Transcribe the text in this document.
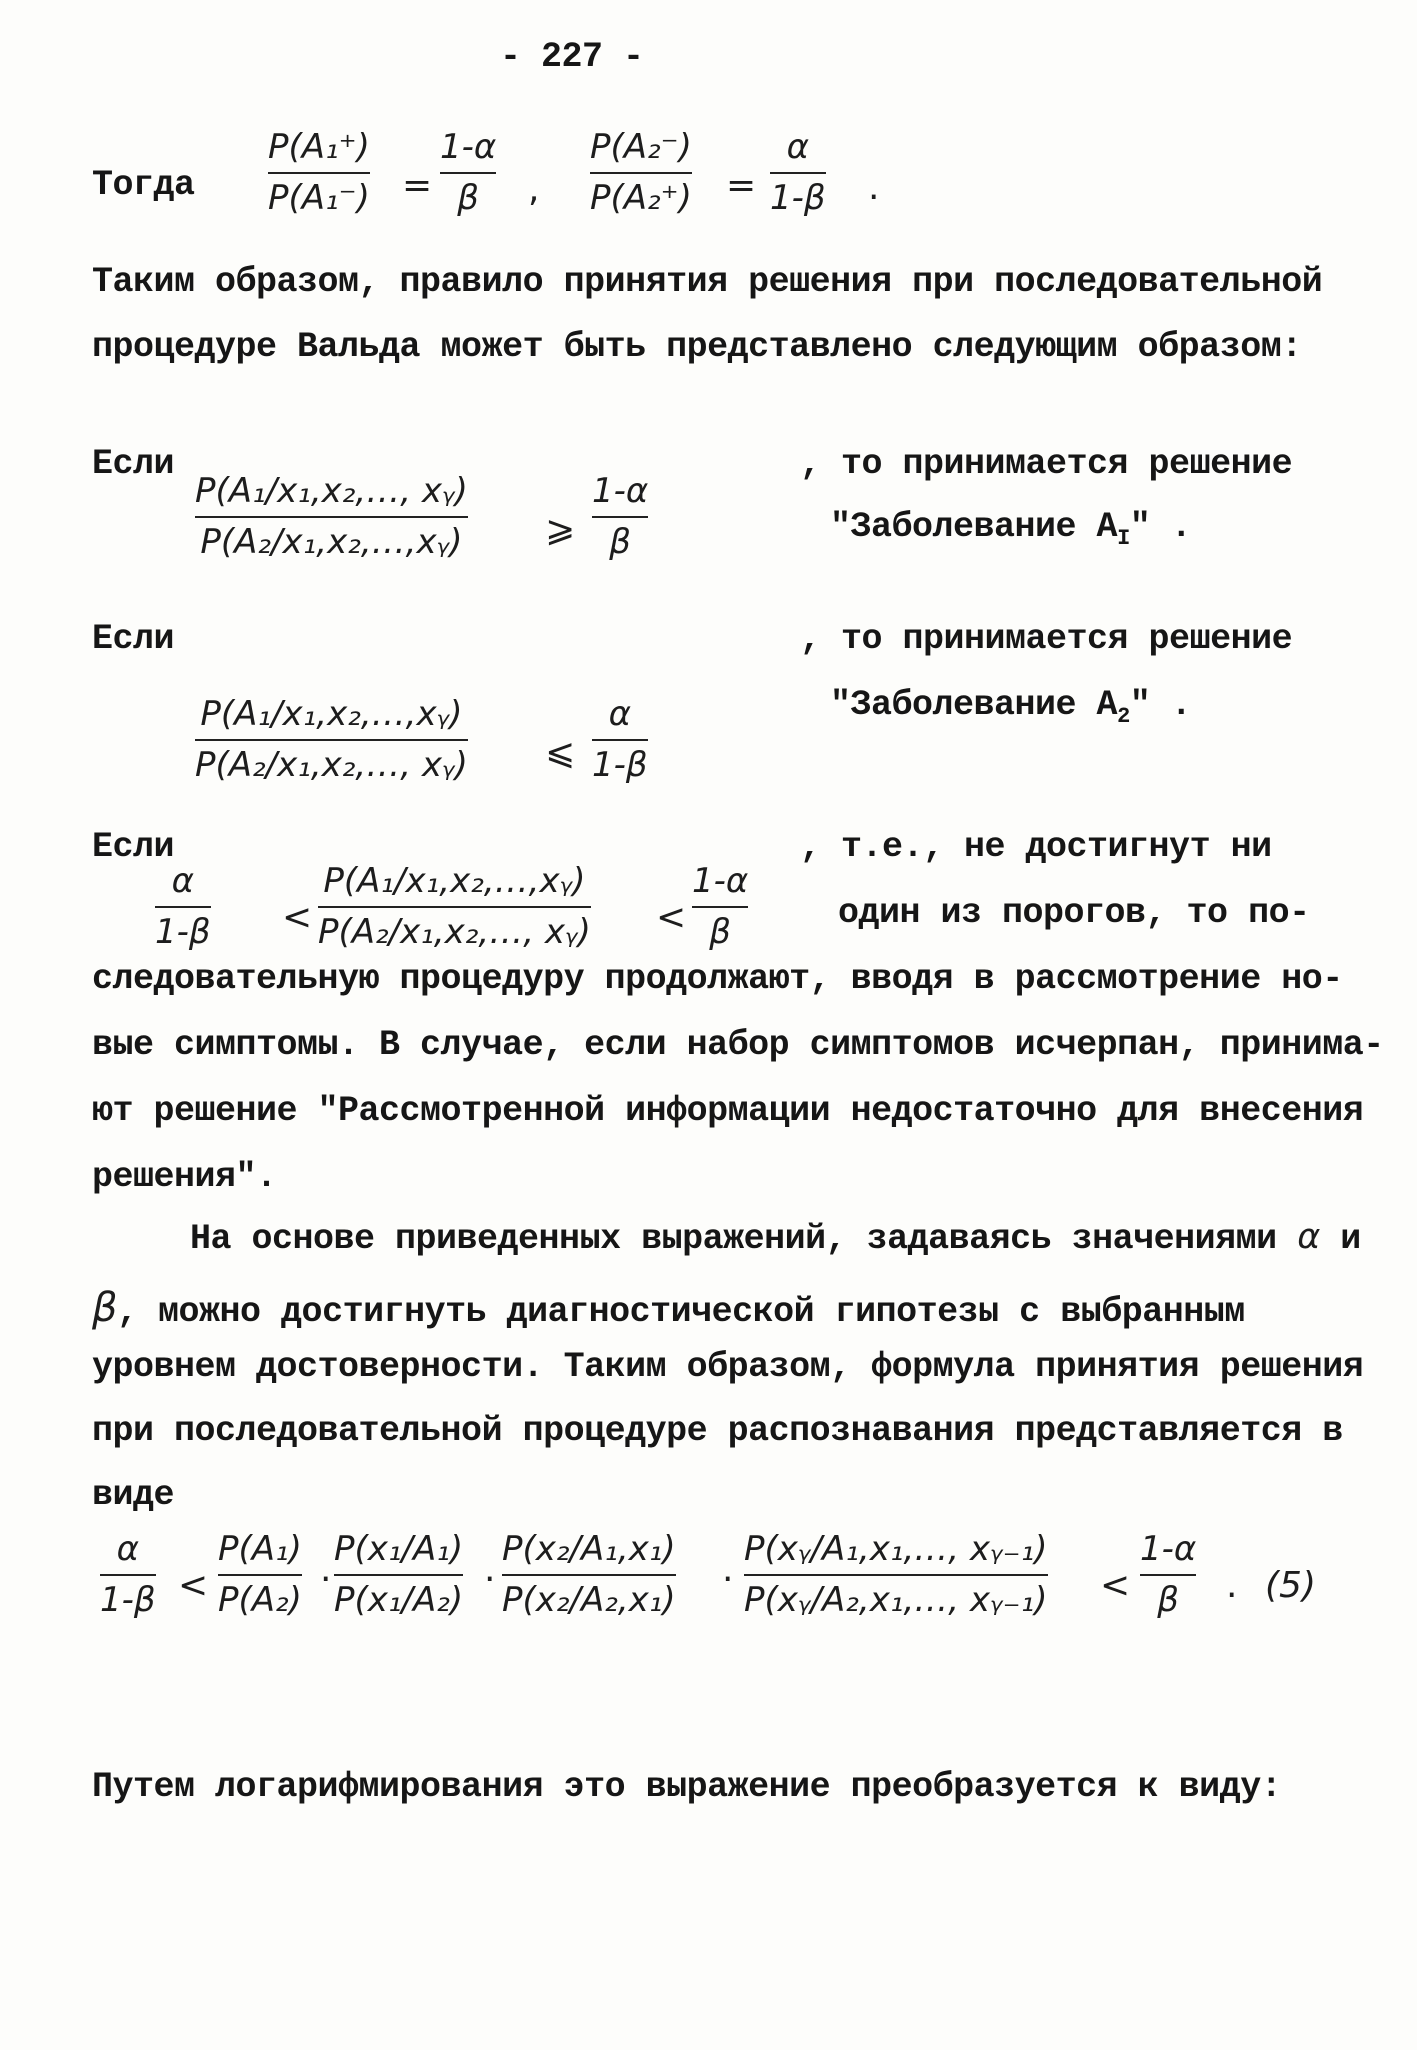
- 227 -
Тогда
P(A₁⁺)
P(A₁⁻) =
1-α
β ,
P(A₂⁻)
P(A₂⁺) =
α
1-β .
Таким образом, правило принятия решения при последовательной
процедуре Вальда может быть представлено следующим образом:
Если
P(A₁/x₁,x₂,…, xᵧ)
P(A₂/x₁,x₂,…,xᵧ) ⩾
1-α
β
, то принимается решение
"Заболевание $A_I$" .
Если
P(A₁/x₁,x₂,…,xᵧ)
P(A₂/x₁,x₂,…, xᵧ) ⩽
α
1-β
, то принимается решение
"Заболевание $A_2$" .
Если
α
1-β <
P(A₁/x₁,x₂,…,xᵧ)
P(A₂/x₁,x₂,…, xᵧ) <
1-α
β
, т.е., не достигнут ни
один из порогов, то по-
следовательную процедуру продолжают, вводя в рассмотрение но-
вые симптомы. В случае, если набор симптомов исчерпан, принима-
ют решение "Рассмотренной информации недостаточно для внесения
решения".
На основе приведенных выражений, задаваясь значениями α и
β, можно достигнуть диагностической гипотезы с выбранным
уровнем достоверности. Таким образом, формула принятия решения
при последовательной процедуре распознавания представляется в
виде
α
1-β <
P(A₁)
P(A₂)
·
P(x₁/A₁)
P(x₁/A₂)
·
P(x₂/A₁,x₁)
P(x₂/A₂,x₁)
·
P(xᵧ/A₁,x₁,…, xᵧ₋₁)
P(xᵧ/A₂,x₁,…, xᵧ₋₁) <
1-α
β . (5)
Путем логарифмирования это выражение преобразуется к виду:
